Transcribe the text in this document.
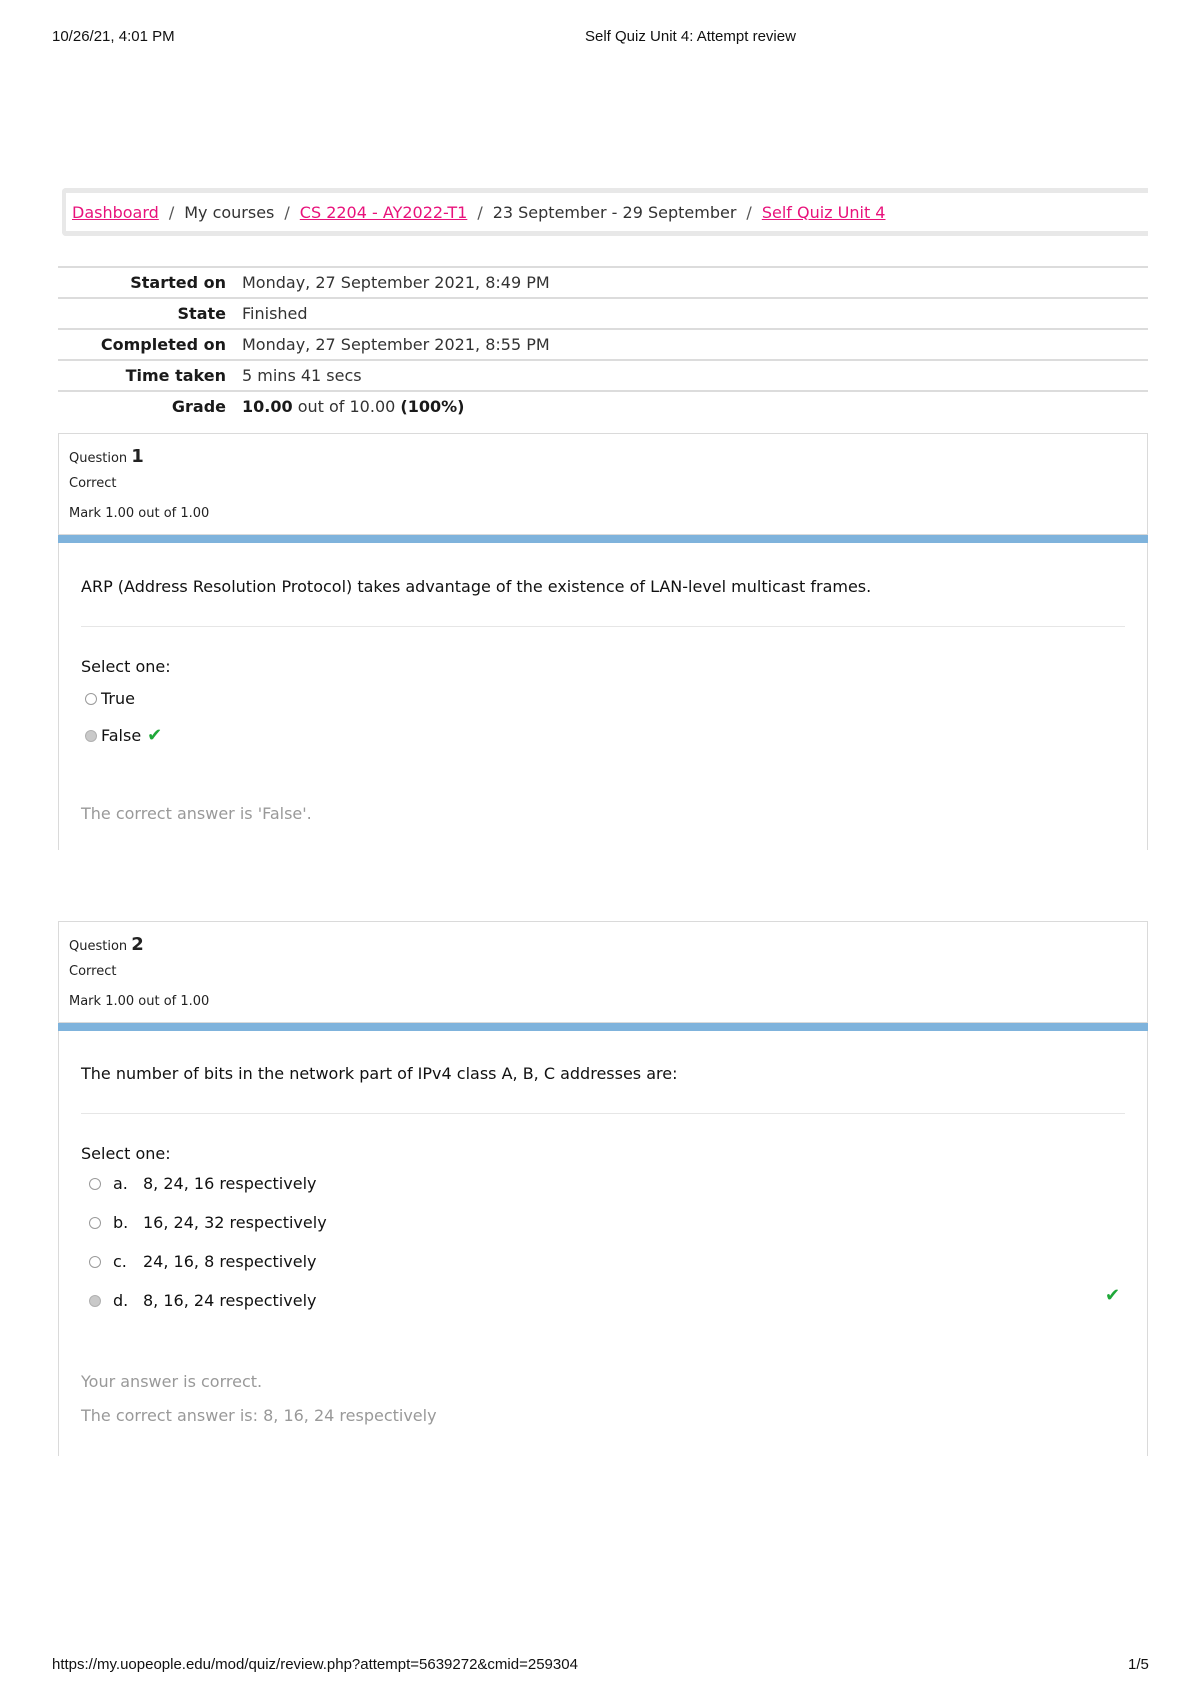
10/26/21, 4:01 PM	Self Quiz Unit 4: Attempt review
Dashboard / My courses / CS 2204 - AY2022-T1 / 23 September - 29 September / Self Quiz Unit 4
Started on	Monday, 27 September 2021, 8:49 PM
State	Finished
Completed on	Monday, 27 September 2021, 8:55 PM
Time taken	5 mins 41 secs
Grade	10.00 out of 10.00 (100%)
Question 1
Correct
Mark 1.00 out of 1.00
ARP (Address Resolution Protocol) takes advantage of the existence of LAN-level multicast frames.
Select one:
True
False ✔
The correct answer is 'False'.
Question 2
Correct
Mark 1.00 out of 1.00
The number of bits in the network part of IPv4 class A, B, C addresses are:
Select one:
a. 8, 24, 16 respectively
b. 16, 24, 32 respectively
c.	24, 16, 8 respectively
d. 8, 16, 24 respectively	✔
Your answer is correct.
The correct answer is: 8, 16, 24 respectively
https://my.uopeople.edu/mod/quiz/review.php?attempt=5639272&cmid=259304	1/5
